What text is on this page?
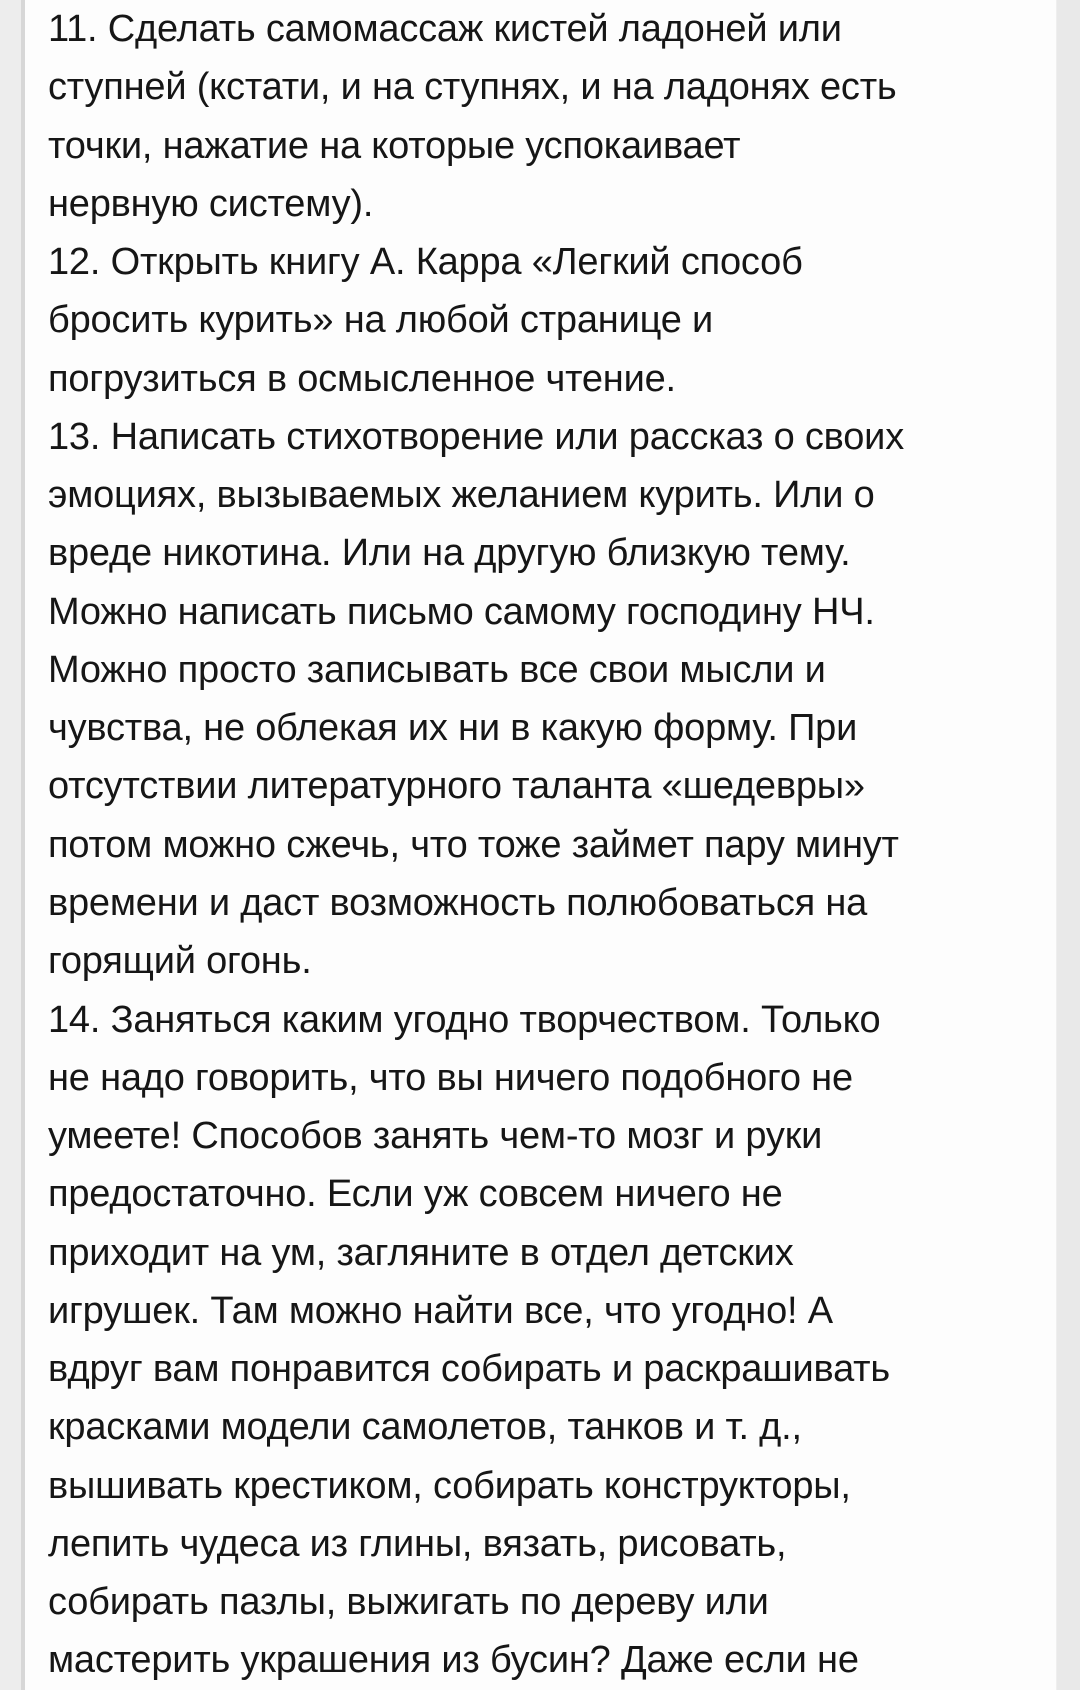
11. Сделать самомассаж кистей ладоней или
ступней (кстати, и на ступнях, и на ладонях есть
точки, нажатие на которые успокаивает
нервную систему).
12. Открыть книгу А. Карра «Легкий способ
бросить курить» на любой странице и
погрузиться в осмысленное чтение.
13. Написать стихотворение или рассказ о своих
эмоциях, вызываемых желанием курить. Или о
вреде никотина. Или на другую близкую тему.
Можно написать письмо самому господину НЧ.
Можно просто записывать все свои мысли и
чувства, не облекая их ни в какую форму. При
отсутствии литературного таланта «шедевры»
потом можно сжечь, что тоже займет пару минут
времени и даст возможность полюбоваться на
горящий огонь.
14. Заняться каким угодно творчеством. Только
не надо говорить, что вы ничего подобного не
умеете! Способов занять чем-то мозг и руки
предостаточно. Если уж совсем ничего не
приходит на ум, загляните в отдел детских
игрушек. Там можно найти все, что угодно! А
вдруг вам понравится собирать и раскрашивать
красками модели самолетов, танков и т. д.,
вышивать крестиком, собирать конструкторы,
лепить чудеса из глины, вязать, рисовать,
собирать пазлы, выжигать по дереву или
мастерить украшения из бусин? Даже если не
